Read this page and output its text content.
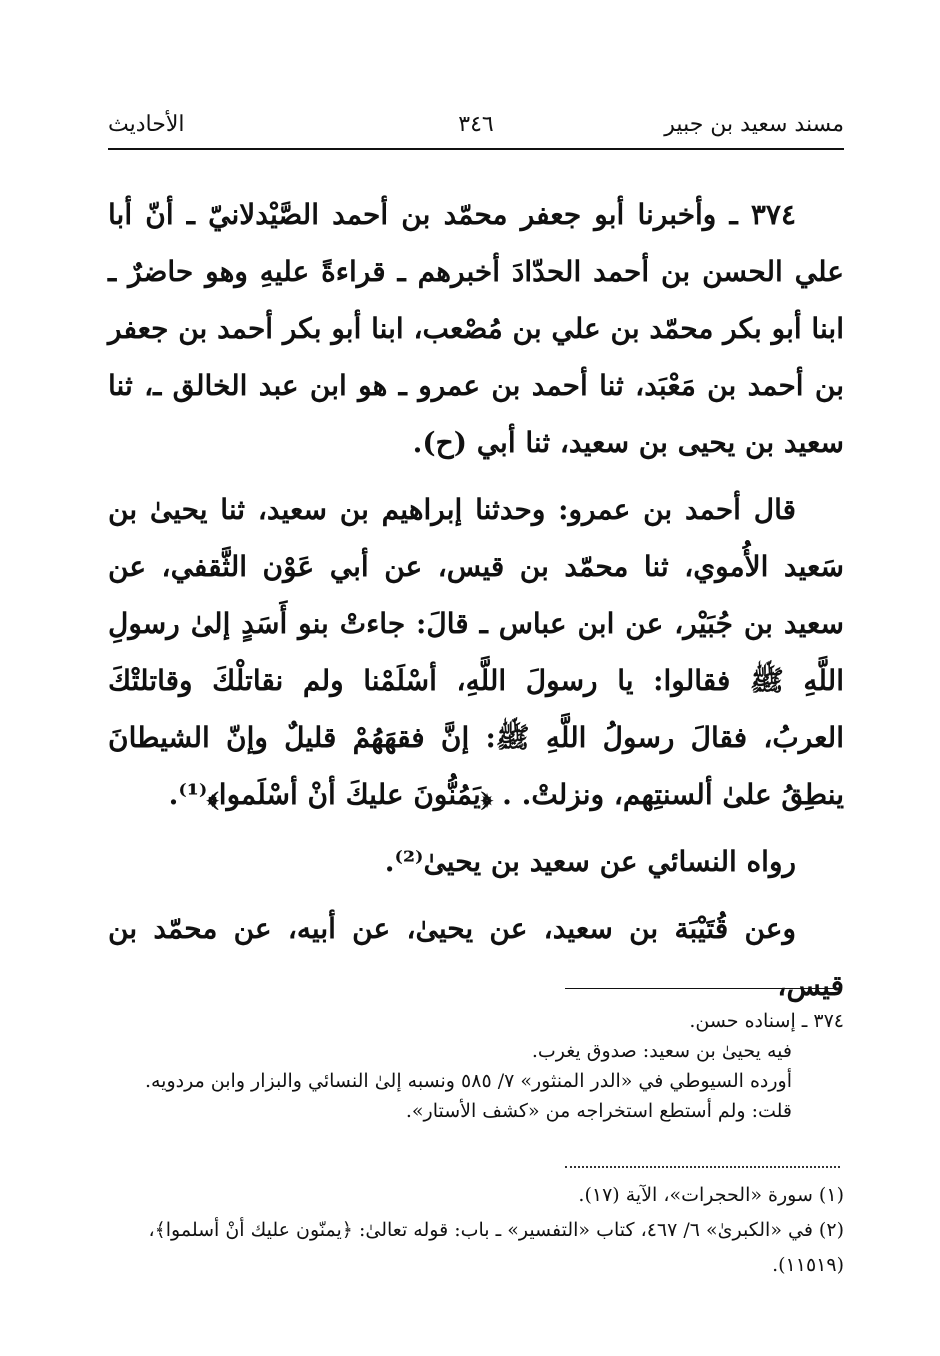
مسند سعيد بن جبير
٣٤٦
الأحاديث

٣٧٤ ـ وأخبرنا أبو جعفر محمّد بن أحمد الصَّيْدلانيّ ـ أنّ أبا علي الحسن بن أحمد الحدّادَ أخبرهم ـ قراءةً عليهِ وهو حاضرٌ ـ ابنا أبو بكر محمّد بن علي بن مُصْعب، ابنا أبو بكر أحمد بن جعفر بن أحمد بن مَعْبَد، ثنا أحمد بن عمرو ـ هو ابن عبد الخالق ـ، ثنا سعيد بن يحيى بن سعيد، ثنا أبي (ح).

قال أحمد بن عمرو: وحدثنا إبراهيم بن سعيد، ثنا يحيىٰ بن سَعيد الأُموي، ثنا محمّد بن قيس، عن أبي عَوْن الثَّقفي، عن سعيد بن جُبَيْر، عن ابن عباس ـ قالَ: جاءتْ بنو أَسَدٍ إلىٰ رسولِ اللَّهِ ﷺ فقالوا: يا رسولَ اللَّهِ، أسْلَمْنا ولم نقاتلْكَ وقاتلتْكَ العربُ، فقالَ رسولُ اللَّهِ ﷺ: إنَّ فقهَهُمْ قليلٌ وإنّ الشيطانَ ينطِقُ علىٰ ألسنتِهم، ونزلتْ. . ﴿يَمُنُّونَ عليكَ أنْ أسْلَموا﴾⁽¹⁾.

رواه النسائي عن سعيد بن يحيىٰ⁽²⁾.

وعن قُتَيْبَة بن سعيد، عن يحيىٰ، عن أبيه، عن محمّد بن قيس،

٣٧٤ ـ إسناده حسن.

فيه يحيىٰ بن سعيد: صدوق يغرب.

أورده السيوطي في «الدر المنثور» ٧/ ٥٨٥ ونسبه إلىٰ النسائي والبزار وابن مردويه.

قلت: ولم أستطع استخراجه من «كشف الأستار».

(١) سورة «الحجرات»، الآية (١٧).

(٢) في «الكبرىٰ» ٦/ ٤٦٧، كتاب «التفسير» ـ باب: قوله تعالىٰ: ﴿يمنّون عليك أنْ أسلموا﴾، (١١٥١٩).
